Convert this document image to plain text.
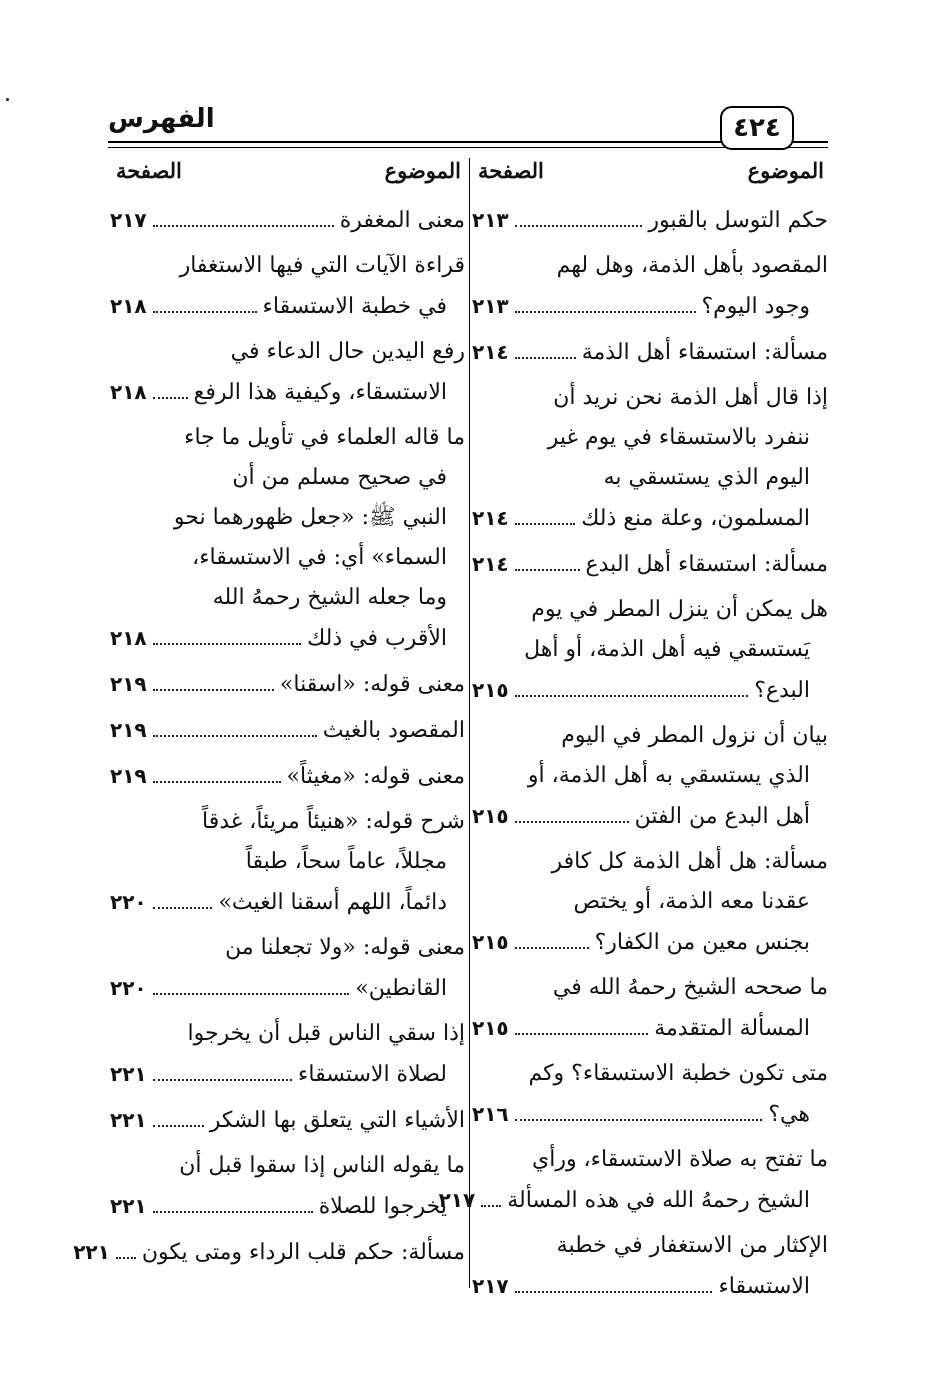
الفهرس	٤٢٤
الموضوع
الصفحة
حكم التوسل بالقبور
٢١٣
المقصود بأهل الذمة، وهل لهم
وجود اليوم؟
٢١٣
مسألة: استسقاء أهل الذمة
٢١٤
إذا قال أهل الذمة نحن نريد أن
ننفرد بالاستسقاء في يوم غير
اليوم الذي يستسقي به
المسلمون، وعلة منع ذلك
٢١٤
مسألة: استسقاء أهل البدع
٢١٤
هل يمكن أن ينزل المطر في يوم
يَستسقي فيه أهل الذمة، أو أهل
البدع؟
٢١٥
بيان أن نزول المطر في اليوم
الذي يستسقي به أهل الذمة، أو
أهل البدع من الفتن
٢١٥
مسألة: هل أهل الذمة كل كافر
عقدنا معه الذمة، أو يختص
بجنس معين من الكفار؟
٢١٥
ما صححه الشيخ رحمهُ الله في
المسألة المتقدمة
٢١٥
متى تكون خطبة الاستسقاء؟ وكم
هي؟
٢١٦
ما تفتح به صلاة الاستسقاء، ورأي
الشيخ رحمهُ الله في هذه المسألة
٢١٧
الإكثار من الاستغفار في خطبة
الاستسقاء
٢١٧
الموضوع
الصفحة
معنى المغفرة
٢١٧
قراءة الآيات التي فيها الاستغفار
في خطبة الاستسقاء
٢١٨
رفع اليدين حال الدعاء في
الاستسقاء، وكيفية هذا الرفع
٢١٨
ما قاله العلماء في تأويل ما جاء
في صحيح مسلم من أن
النبي ﷺ: «جعل ظهورهما نحو
السماء» أي: في الاستسقاء،
وما جعله الشيخ رحمهُ الله
الأقرب في ذلك
٢١٨
معنى قوله: «اسقنا»
٢١٩
المقصود بالغيث
٢١٩
معنى قوله: «مغيثاً»
٢١٩
شرح قوله: «هنيئاً مريئاً، غدقاً
مجللاً، عاماً سحاً، طبقاً
دائماً، اللهم أسقنا الغيث»
٢٢٠
معنى قوله: «ولا تجعلنا من
القانطين»
٢٢٠
إذا سقي الناس قبل أن يخرجوا
لصلاة الاستسقاء
٢٢١
الأشياء التي يتعلق بها الشكر
٢٢١
ما يقوله الناس إذا سقوا قبل أن
يخرجوا للصلاة
٢٢١
مسألة: حكم قلب الرداء ومتى يكون
٢٢١
